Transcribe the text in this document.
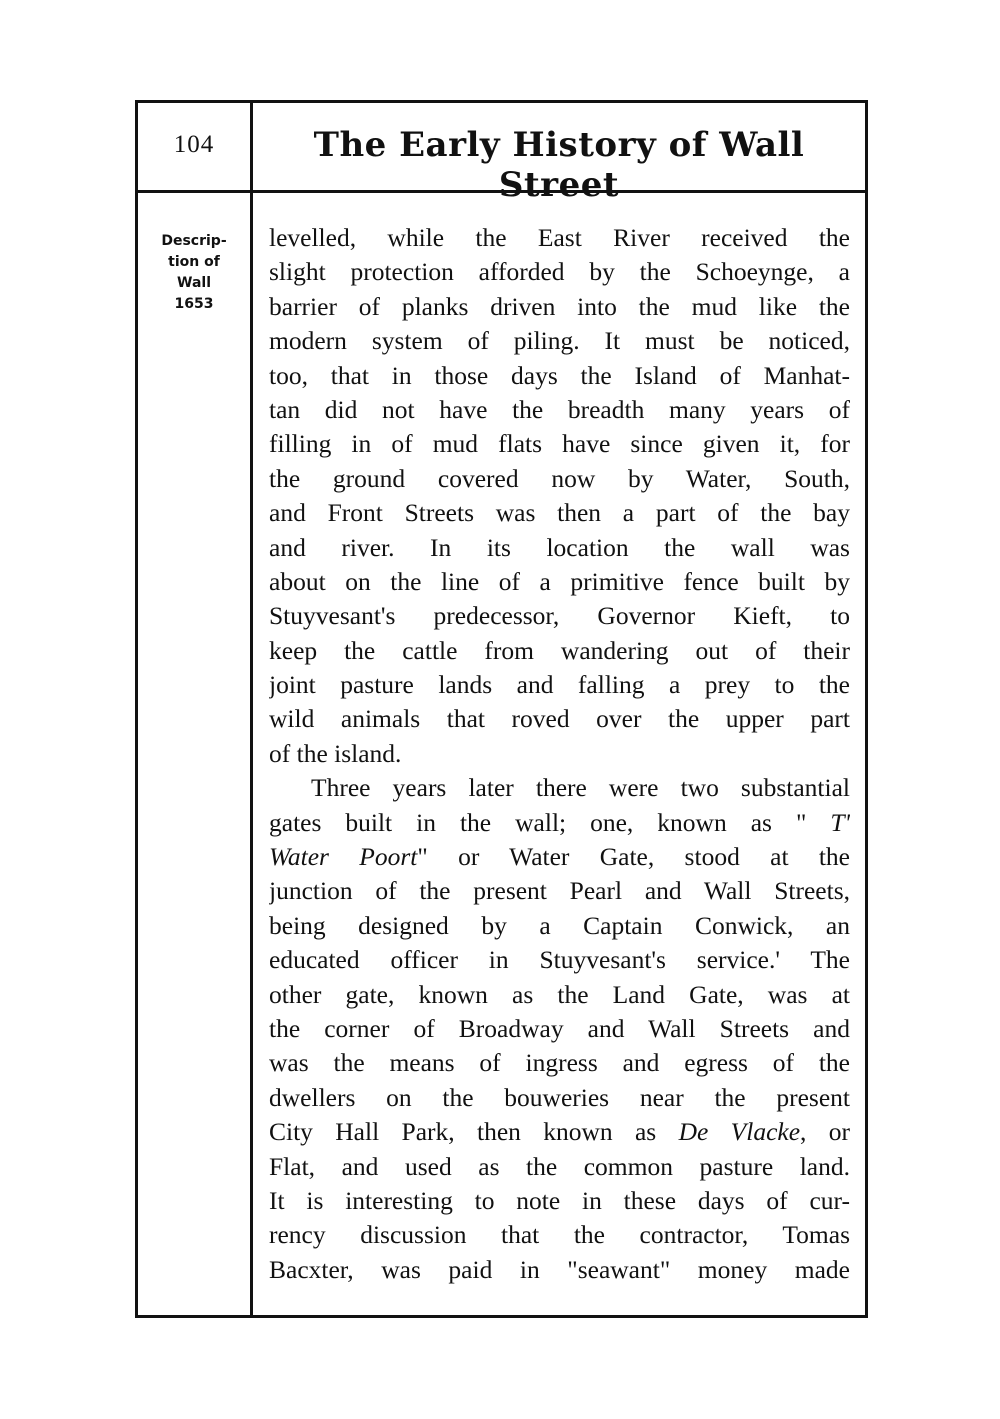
104	The Early History of Wall Street
Descrip-
tion of
Wall
1653
levelled, while the East River received the
slight protection afforded by the Schoeynge, a
barrier of planks driven into the mud like the
modern system of piling. It must be noticed,
too, that in those days the Island of Manhat-
tan did not have the breadth many years of
filling in of mud flats have since given it, for
the ground covered now by Water, South,
and Front Streets was then a part of the bay
and river. In its location the wall was
about on the line of a primitive fence built by
Stuyvesant's predecessor, Governor Kieft, to
keep the cattle from wandering out of their
joint pasture lands and falling a prey to the
wild animals that roved over the upper part
of the island.
Three years later there were two substantial
gates built in the wall; one, known as " T'
Water Poort" or Water Gate, stood at the
junction of the present Pearl and Wall Streets,
being designed by a Captain Conwick, an
educated officer in Stuyvesant's service.' The
other gate, known as the Land Gate, was at
the corner of Broadway and Wall Streets and
was the means of ingress and egress of the
dwellers on the bouweries near the present
City Hall Park, then known as De Vlacke, or
Flat, and used as the common pasture land.
It is interesting to note in these days of cur-
rency discussion that the contractor, Tomas
Bacxter, was paid in "seawant" money made
